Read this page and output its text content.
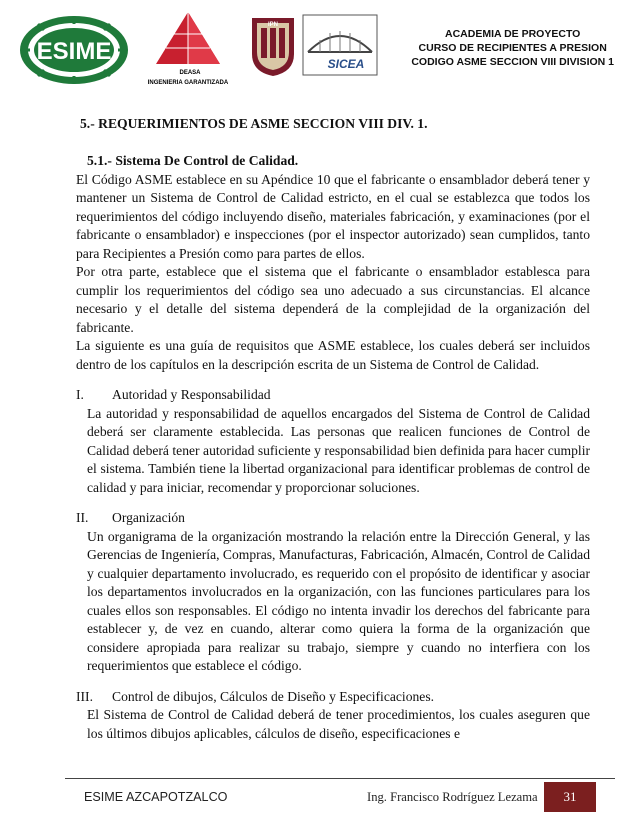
ESIME
DEASA
INGENIERIA GARANTIZADA
IPN
SICEA
ACADEMIA DE PROYECTO
CURSO DE RECIPIENTES A PRESION
CODIGO ASME SECCION VIII DIVISION 1
5.- REQUERIMIENTOS DE ASME SECCION VIII DIV. 1.
5.1.- Sistema De Control de Calidad.

El Código ASME establece en su Apéndice 10 que el fabricante o ensamblador deberá tener y mantener un Sistema de Control de Calidad estricto, en el cual se establezca que todos los requerimientos del código incluyendo diseño, materiales fabricación, y examinaciones (por el fabricante o ensamblador) e inspecciones (por el inspector autorizado) sean cumplidos, tanto para Recipientes a Presión como para partes de ellos.

Por otra parte, establece que el sistema que el fabricante o ensamblador establesca para cumplir los requerimientos del código sea uno adecuado a sus circunstancias. El alcance necesario y el detalle del sistema dependerá de la complejidad de la organización del fabricante.

La siguiente es una guía de requisitos que ASME establece, los cuales deberá ser incluidos dentro de los capítulos en la descripción escrita de un Sistema de Control de Calidad.

I.	Autoridad y Responsabilidad

La autoridad y responsabilidad de aquellos encargados del Sistema de Control de Calidad deberá ser claramente establecida. Las personas que realicen funciones de Control de Calidad deberá tener autoridad suficiente y responsabilidad bien definida para hacer cumplir el sistema. También tiene la libertad organizacional para identificar problemas de control de calidad y para iniciar, recomendar y proporcionar soluciones.

II.	Organización

Un organigrama de la organización mostrando la relación entre la Dirección General, y las Gerencias de Ingeniería, Compras, Manufacturas, Fabricación, Almacén, Control de Calidad y cualquier departamento involucrado, es requerido con el propósito de identificar y asociar los departamentos involucrados en la organización, con las funciones particulares para los cuales ellos son responsables. El código no intenta invadir los derechos del fabricante para establecer y, de vez en cuando, alterar como quiera la forma de la organización que considere apropiada para realizar su trabajo, siempre y cuando no interfiera con los requerimientos que establece el código.

III.	Control de dibujos, Cálculos de Diseño y Especificaciones.

El Sistema de Control de Calidad deberá de tener procedimientos, los cuales aseguren que los últimos dibujos aplicables, cálculos de diseño, especificaciones e

ESIME AZCAPOTZALCO	Ing. Francisco Rodríguez Lezama	31
